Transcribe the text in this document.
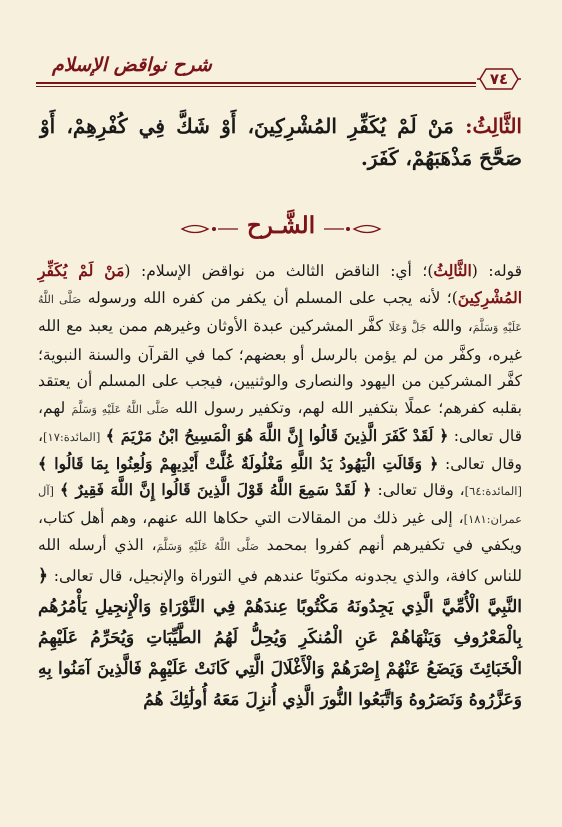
شرح نواقض الإسلام
٧٤
الثَّالِثُ: مَنْ لَمْ يُكَفِّرِ المُشْرِكِينَ، أَوْ شَكَّ فِي كُفْرِهِمْ، أَوْ صَحَّحَ مَذْهَبَهُمْ، كَفَرَ.
الشَّـرح

قوله: (الثَّالِثُ)؛ أي: الناقض الثالث من نواقض الإسلام: (مَنْ لَمْ يُكَفِّرِ المُشْرِكِينَ)؛ لأنه يجب على المسلم أن يكفر من كفره الله ورسوله صَلَّى اللَّهُ عَلَيْهِ وَسَلَّمَ، والله جَلَّ وَعَلَا كفَّر المشركين عبدة الأوثان وغيرهم ممن يعبد مع الله غيره، وكفَّر من لم يؤمن بالرسل أو بعضهم؛ كما في القرآن والسنة النبوية؛ كفَّر المشركين من اليهود والنصارى والوثنيين، فيجب على المسلم أن يعتقد بقلبه كفرهم؛ عملًا بتكفير الله لهم، وتكفير رسول الله صَلَّى اللَّهُ عَلَيْهِ وَسَلَّمَ لهم، قال تعالى: ﴿ لَقَدْ كَفَرَ الَّذِينَ قَالُوا إِنَّ اللَّهَ هُوَ الْمَسِيحُ ابْنُ مَرْيَمَ ﴾ [المائدة:١٧]، وقال تعالى: ﴿ وَقَالَتِ الْيَهُودُ يَدُ اللَّهِ مَغْلُولَةٌ غُلَّتْ أَيْدِيهِمْ وَلُعِنُوا بِمَا قَالُوا ﴾ [المائدة:٦٤]، وقال تعالى: ﴿ لَقَدْ سَمِعَ اللَّهُ قَوْلَ الَّذِينَ قَالُوا إِنَّ اللَّهَ فَقِيرٌ ﴾ [آل عمران:١٨١]، إلى غير ذلك من المقالات التي حكاها الله عنهم، وهم أهل كتاب، ويكفي في تكفيرهم أنهم كفروا بمحمد صَلَّى اللَّهُ عَلَيْهِ وَسَلَّمَ، الذي أرسله الله للناس كافة، والذي يجدونه مكتوبًا عندهم في التوراة والإنجيل، قال تعالى: ﴿ النَّبِيَّ الْأُمِّيَّ الَّذِي يَجِدُونَهُ مَكْتُوبًا عِندَهُمْ فِي التَّوْرَاةِ وَالْإِنجِيلِ يَأْمُرُهُم بِالْمَعْرُوفِ وَيَنْهَاهُمْ عَنِ الْمُنكَرِ وَيُحِلُّ لَهُمُ الطَّيِّبَاتِ وَيُحَرِّمُ عَلَيْهِمُ الْخَبَائِثَ وَيَضَعُ عَنْهُمْ إِصْرَهُمْ وَالْأَغْلَالَ الَّتِي كَانَتْ عَلَيْهِمْ فَالَّذِينَ آمَنُوا بِهِ وَعَزَّرُوهُ وَنَصَرُوهُ وَاتَّبَعُوا النُّورَ الَّذِي أُنزِلَ مَعَهُ أُولَٰئِكَ هُمُ
